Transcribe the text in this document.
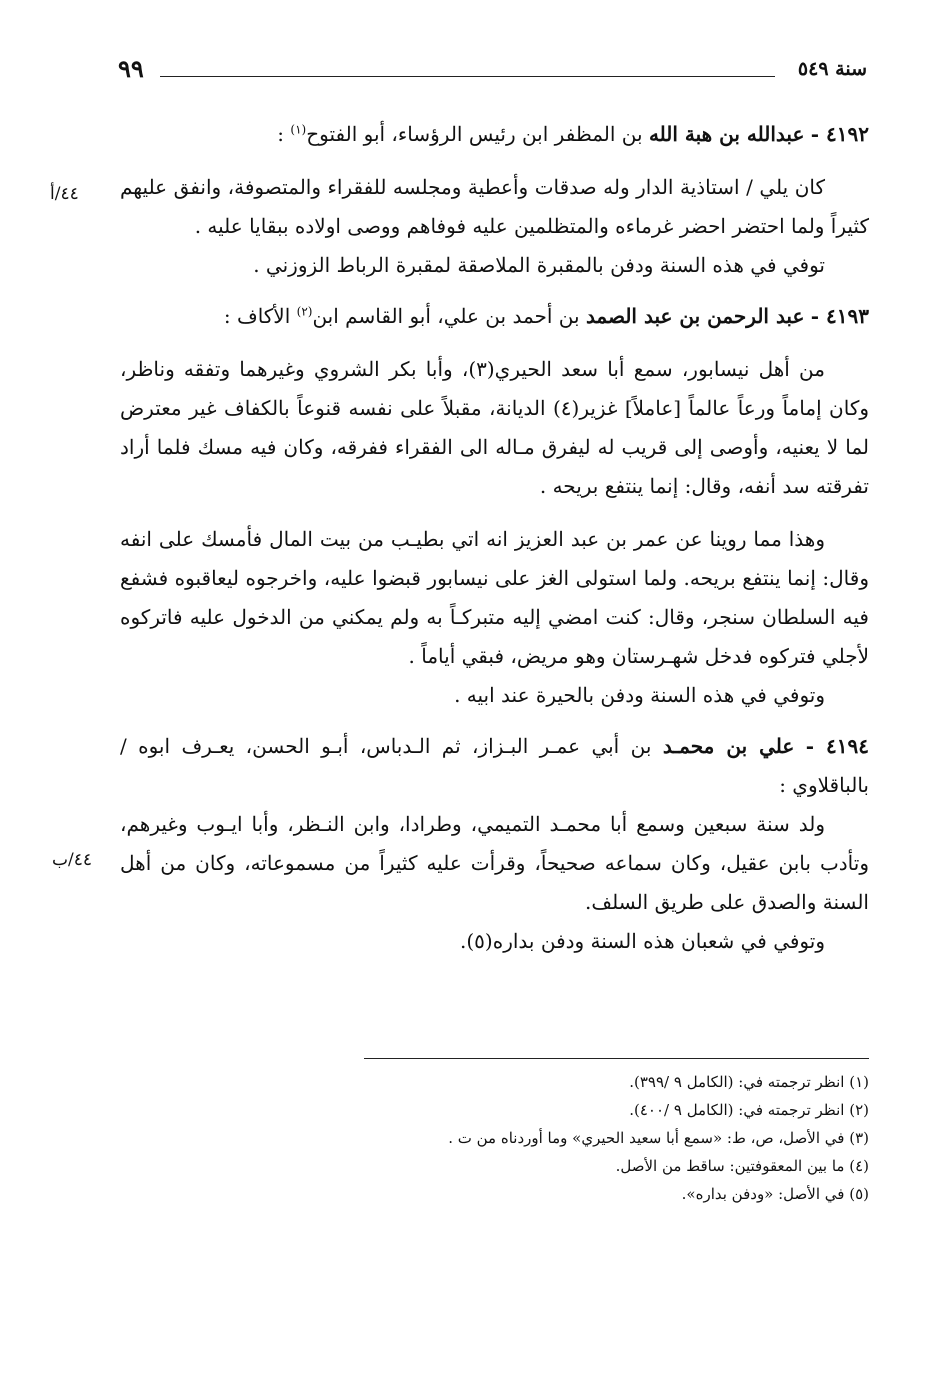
سنة ٥٤٩
٩٩
٤٤/أ
٤٤/ب

٤١٩٢ - عبدالله بن هبة الله بن المظفر ابن رئيس الرؤساء، أبو الفتوح$^{(١)}$ :

كان يلي / استاذية الدار وله صدقات وأعطية ومجلسه للفقراء والمتصوفة، وانفق عليهم كثيراً ولما احتضر احضر غرماءه والمتظلمين عليه فوفاهم ووصى اولاده ببقايا عليه .

توفي في هذه السنة ودفن بالمقبرة الملاصقة لمقبرة الرباط الزوزني .

٤١٩٣ - عبد الرحمن بن عبد الصمد بن أحمد بن علي، أبو القاسم ابن$^{(٢)}$ الأكاف :

من أهل نيسابور، سمع أبا سعد الحيري(٣)، وأبا بكر الشروي وغيرهما وتفقه وناظر، وكان إماماً ورعاً عالماً [عاملاً] غزير(٤) الديانة، مقبلاً على نفسه قنوعاً بالكفاف غير معترض لما لا يعنيه، وأوصى إلى قريب له ليفرق مـاله الى الفقراء ففرقه، وكان فيه مسك فلما أراد تفرقته سد أنفه، وقال: إنما ينتفع بريحه .

وهذا مما روينا عن عمر بن عبد العزيز انه اتي بطيـب من بيت المال فأمسك على انفه وقال: إنما ينتفع بريحه. ولما استولى الغز على نيسابور قبضوا عليه، واخرجوه ليعاقبوه فشفع فيه السلطان سنجر، وقال: كنت امضي إليه متبركـاً به ولم يمكني من الدخول عليه فاتركوه لأجلي فتركوه فدخل شهـرستان وهو مريض، فبقي أياماً .

وتوفي في هذه السنة ودفن بالحيرة عند ابيه .

٤١٩٤ - علي بن محمـد بن أبي عمـر البـزاز، ثم الـدباس، أبـو الحسن، يعـرف ابوه / بالباقلاوي :

ولد سنة سبعين وسمع أبا محمـد التميمي، وطرادا، وابن النـظر، وأبا ايـوب وغيرهم، وتأدب بابن عقيل، وكان سماعه صحيحاً، وقرأت عليه كثيراً من مسموعاته، وكان من أهل السنة والصدق على طريق السلف.

وتوفي في شعبان هذه السنة ودفن بداره(٥).

(١) انظر ترجمته في: (الكامل ٩ /٣٩٩).
(٢) انظر ترجمته في: (الكامل ٩ /٤٠٠).
(٣) في الأصل، ص، ط: «سمع أبا سعيد الحيري» وما أوردناه من ت .
(٤) ما بين المعقوفتين: ساقط من الأصل.
(٥) في الأصل: «ودفن بداره».
